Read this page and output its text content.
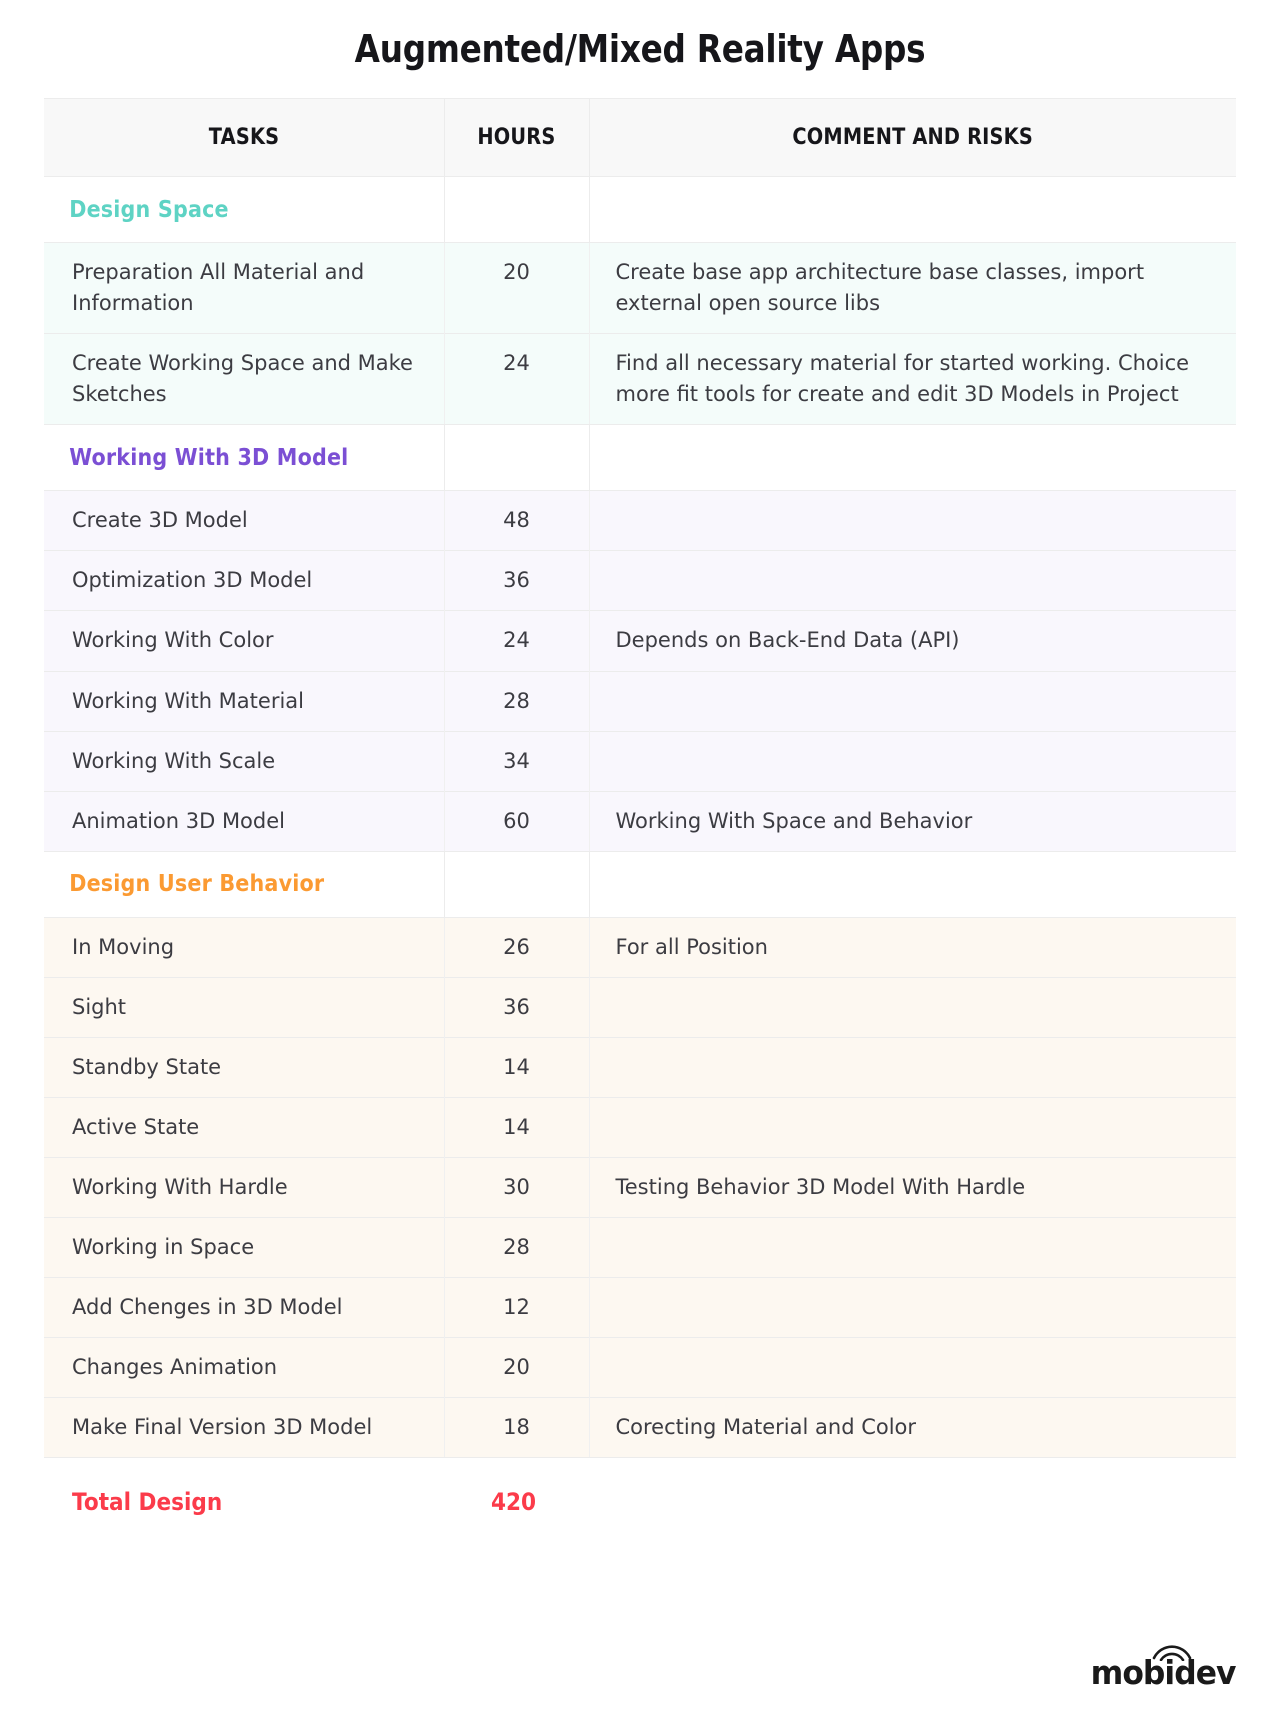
Augmented/Mixed Reality Apps
TASKS	HOURS	COMMENT AND RISKS
Design Space		
Preparation All Material and Information	20	Create base app architecture base classes, import external open source libs
Create Working Space and Make Sketches	24	Find all necessary material for started working. Choice more fit tools for create and edit 3D Models in Project
Working With 3D Model		
Create 3D Model	48	
Optimization 3D Model	36	
Working With Color	24	Depends on Back-End Data (API)
Working With Material	28	
Working With Scale	34	
Animation 3D Model	60	Working With Space and Behavior
Design User Behavior		
In Moving	26	For all Position
Sight	36	
Standby State	14	
Active State	14	
Working With Hardle	30	Testing Behavior 3D Model With Hardle
Working in Space	28	
Add Chenges in 3D Model	12	
Changes Animation	20	
Make Final Version 3D Model	18	Corecting Material and Color
Total Design	420	
mobidev
